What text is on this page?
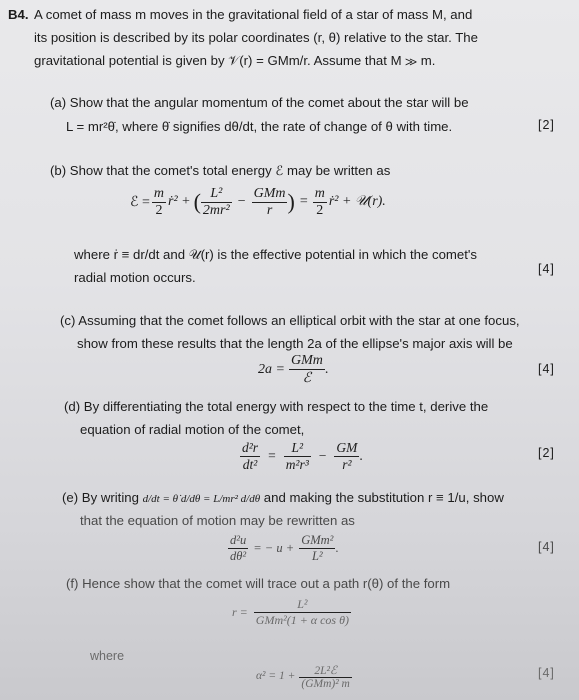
B4. A comet of mass m moves in the gravitational field of a star of mass M, and
its position is described by its polar coordinates (r, θ) relative to the star. The
gravitational potential is given by 𝒱(r) = GMm/r. Assume that M ≫ m.
(a) Show that the angular momentum of the comet about the star will be
L = mr²θ̇, where θ̇ signifies dθ/dt, the rate of change of θ with time.	[2]
(b) Show that the comet's total energy ℰ may be written as
ℰ = $\frac{m}{2}$ ṙ² + ( $\frac{\text{L²}}{\text{2mr²}} - \frac{\text{GMm}}{r}$ ) = $\frac{m}{2}$ ṙ² + 𝒰(r).
where ṙ ≡ dr/dt and 𝒰(r) is the effective potential in which the comet's
radial motion occurs.
[4]
(c) Assuming that the comet follows an elliptical orbit with the star at one focus,
show from these results that the length 2a of the ellipse's major axis will be
$2a = \frac{\text{GMm}}{\text{ℰ}}$ .	[4]
(d) By differentiating the total energy with respect to the time t, derive the
equation of radial motion of the comet,
$\frac{\text{d²r}}{\text{dt²}} = \frac{\text{L²}}{\text{m²r³}} - \frac{GM}{\text{r²}}$ .	[2]
(e) By writing d/dt = θ̇ d/dθ = L/mr² d/dθ and making the substitution r ≡ 1/u, show
that the equation of motion may be rewritten as
$\frac{\text{d²u}}{\text{dθ²}}$ = − $u + \frac{\text{GMm²}}{\text{L²}}$ .	[4]
(f) Hence show that the comet will trace out a path r(θ) of the form
$r = \frac{\text{L²}}{\text{GMm²(1 + α cos θ)}}$
where
$\alpha^2 = 1 + \frac{\text{2L²ℰ}}{\text{(GMm)² m}}$	[4]
